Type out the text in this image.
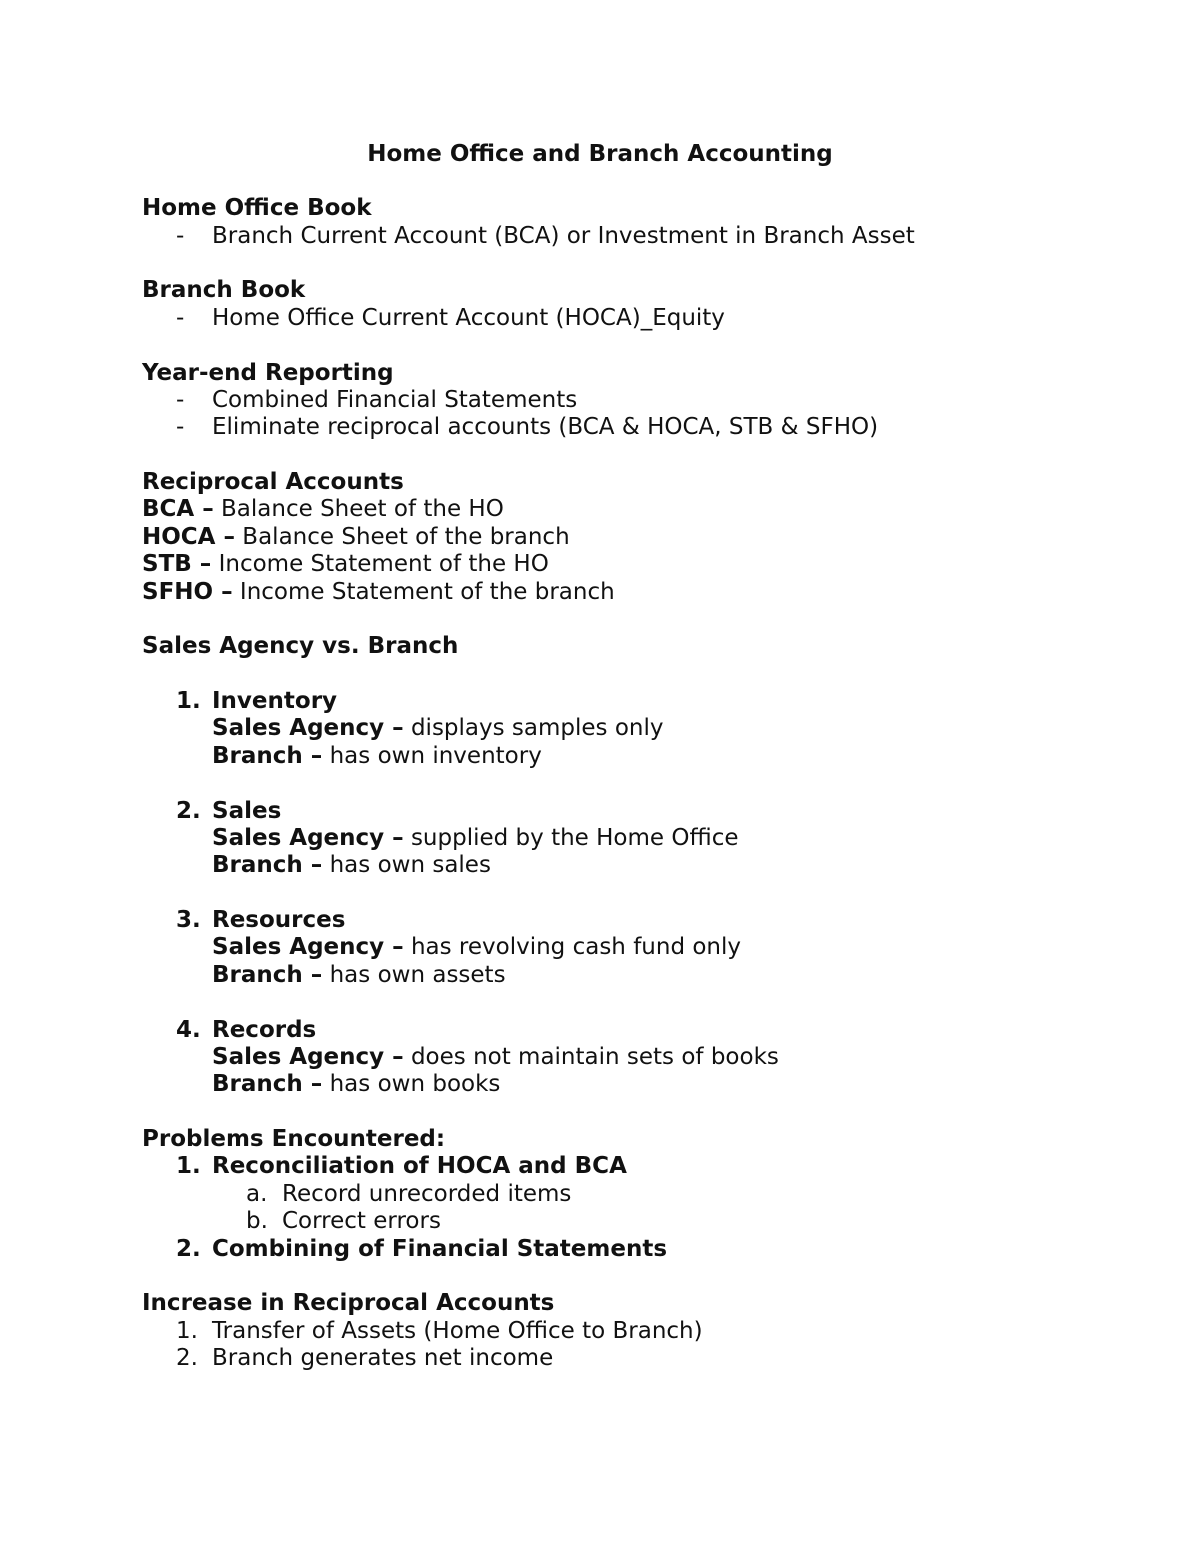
Home Office and Branch Accounting
Home Office Book
- Branch Current Account (BCA) or Investment in Branch Asset
Branch Book
- Home Office Current Account (HOCA)_Equity
Year-end Reporting
- Combined Financial Statements
- Eliminate reciprocal accounts (BCA & HOCA, STB & SFHO)
Reciprocal Accounts
BCA – Balance Sheet of the HO
HOCA – Balance Sheet of the branch
STB – Income Statement of the HO
SFHO – Income Statement of the branch
Sales Agency vs. Branch
1. Inventory
Sales Agency – displays samples only
Branch – has own inventory
2. Sales
Sales Agency – supplied by the Home Office
Branch – has own sales
3. Resources
Sales Agency – has revolving cash fund only
Branch – has own assets
4. Records
Sales Agency – does not maintain sets of books
Branch – has own books
Problems Encountered:
1. Reconciliation of HOCA and BCA
a. Record unrecorded items
b. Correct errors
2. Combining of Financial Statements
Increase in Reciprocal Accounts
1. Transfer of Assets (Home Office to Branch)
2. Branch generates net income
